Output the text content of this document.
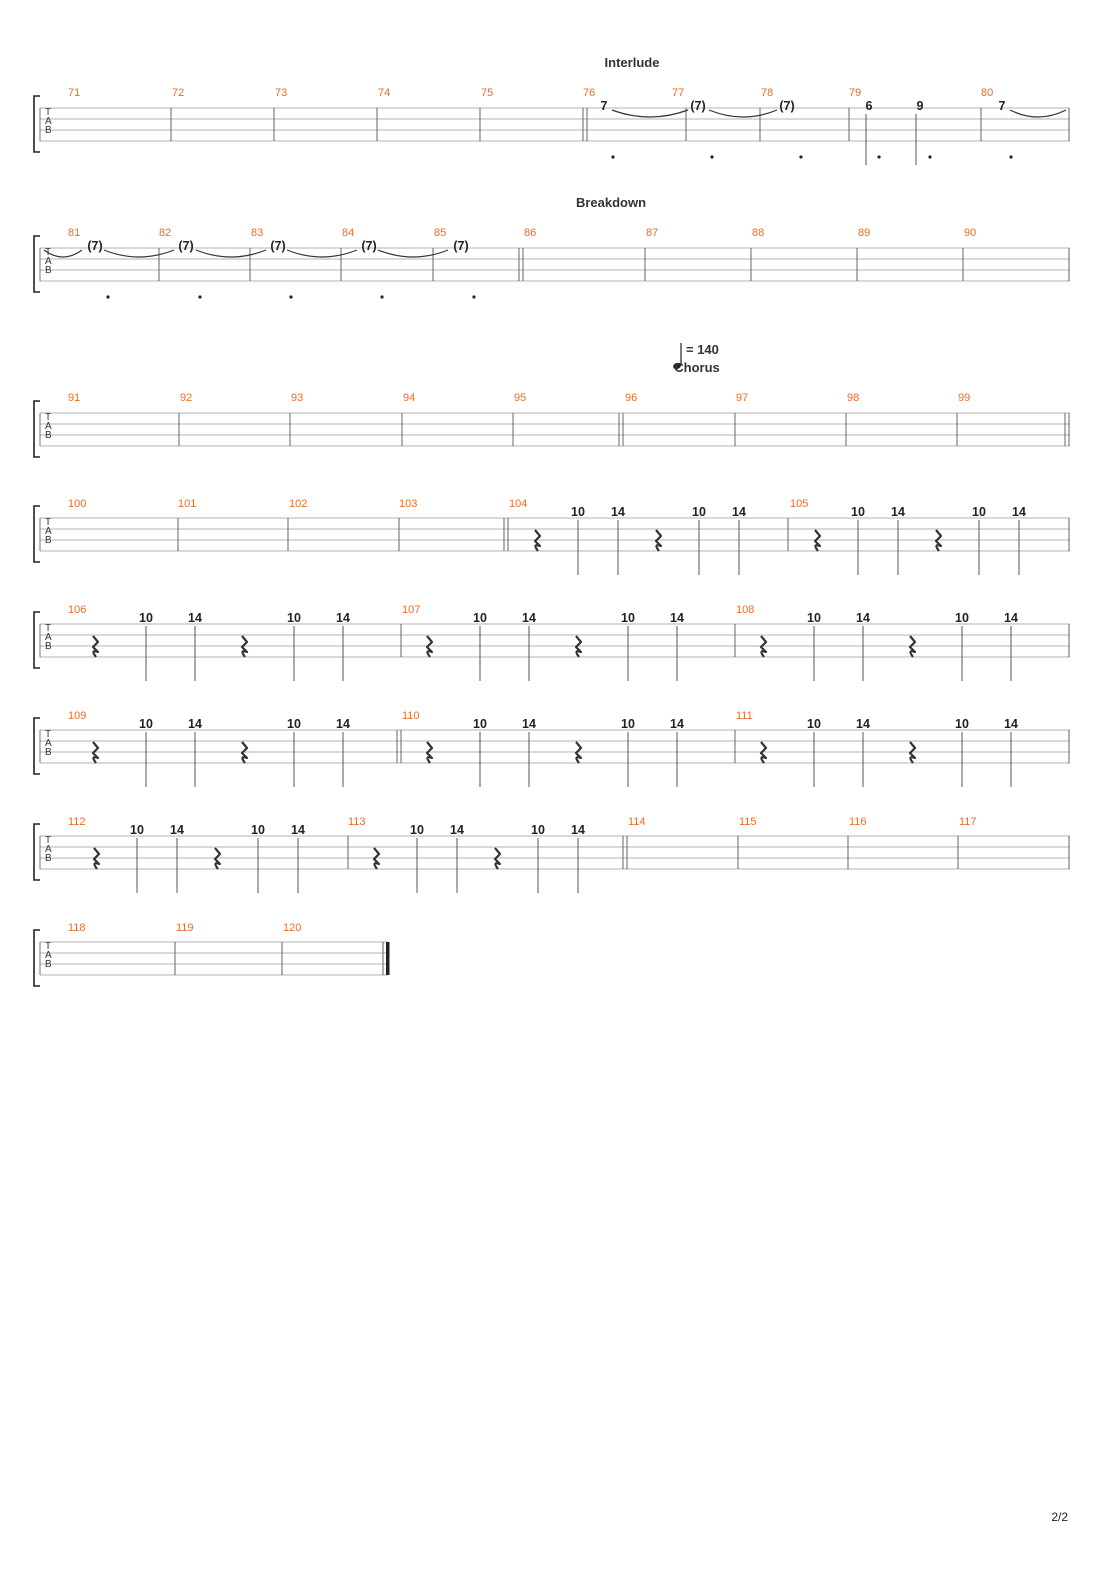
Interlude
T
A
B
71	72	73	74	75	76	77	78	79	80
7	(7)	(7)	6	9	7
Breakdown
T
A
B
81	82	83	84	85	86	87	88	89	90
(7)	(7)	(7)	(7)	(7)
= 140
Chorus
T
A
B
91	92	93	94	95	96	97	98	99
T
A
B
100	101	102	103	104	105
10 14	10 14	10 14	10 14
T
A
B
106	107	108
10	14	10	14	10	14	10	14	10	14	10	14
T
A
B
109	110	111
10	14	10	14	10	14	10	14	10	14	10	14
T
A
B
112	113	114	115	116	117
10 14	10 14	10 14	10 14
T
A
B
118	119	120
2/2
